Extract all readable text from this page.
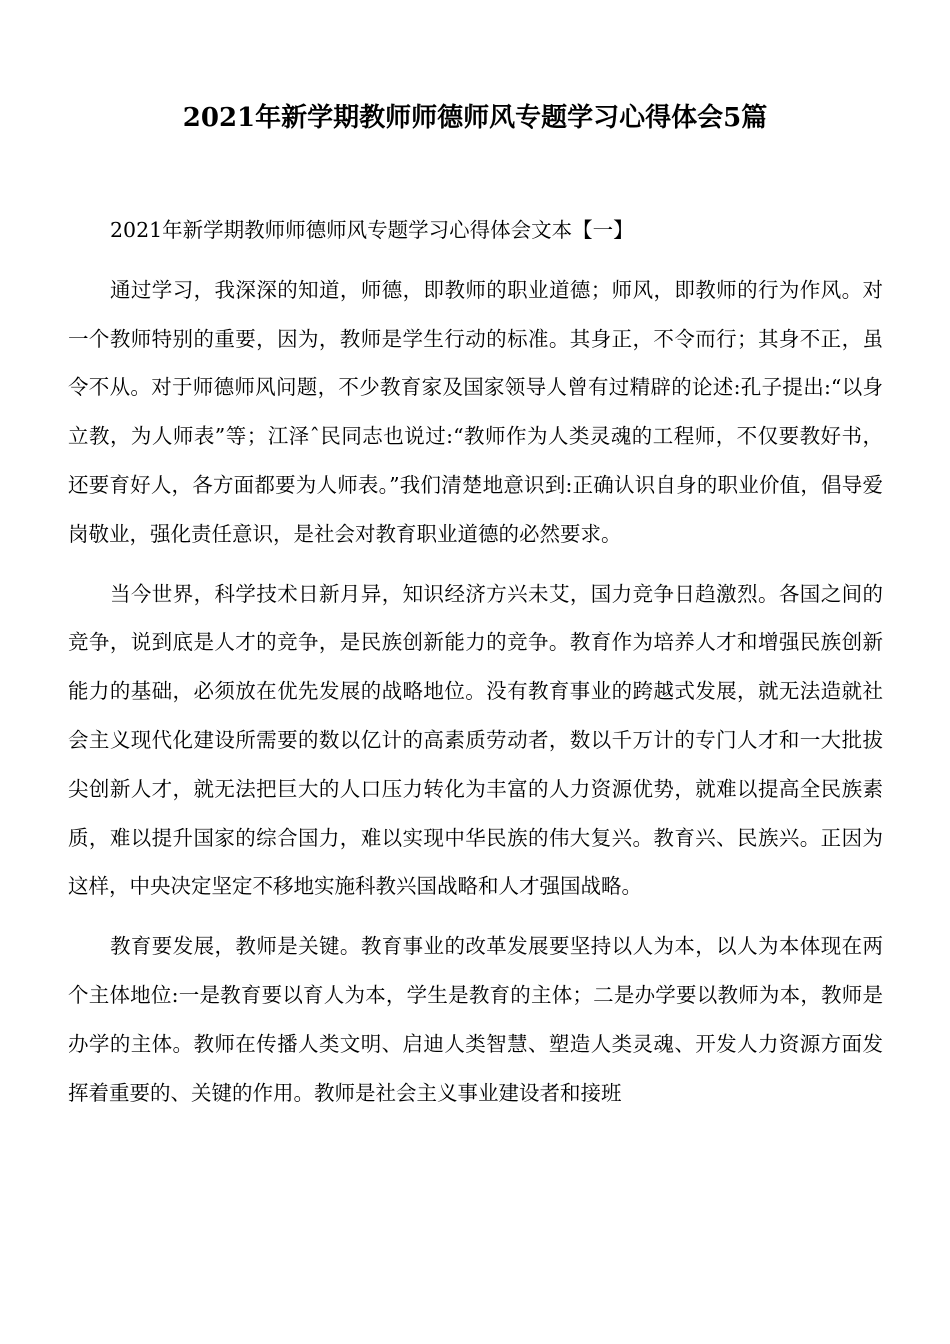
2021年新学期教师师德师风专题学习心得体会5篇

2021年新学期教师师德师风专题学习心得体会文本【一】

通过学习，我深深的知道，师德，即教师的职业道德；师风，即教师的行为作风。对一个教师特别的重要，因为，教师是学生行动的标准。其身正，不令而行；其身不正，虽令不从。对于师德师风问题，不少教育家及国家领导人曾有过精辟的论述:孔子提出:“以身立教，为人师表”等；江泽ˆ民同志也说过:“教师作为人类灵魂的工程师，不仅要教好书，还要育好人，各方面都要为人师表。”我们清楚地意识到:正确认识自身的职业价值，倡导爱岗敬业，强化责任意识，是社会对教育职业道德的必然要求。

当今世界，科学技术日新月异，知识经济方兴未艾，国力竞争日趋激烈。各国之间的竞争，说到底是人才的竞争，是民族创新能力的竞争。教育作为培养人才和增强民族创新能力的基础，必须放在优先发展的战略地位。没有教育事业的跨越式发展，就无法造就社会主义现代化建设所需要的数以亿计的高素质劳动者，数以千万计的专门人才和一大批拔尖创新人才，就无法把巨大的人口压力转化为丰富的人力资源优势，就难以提高全民族素质，难以提升国家的综合国力，难以实现中华民族的伟大复兴。教育兴、民族兴。正因为这样，中央决定坚定不移地实施科教兴国战略和人才强国战略。

教育要发展，教师是关键。教育事业的改革发展要坚持以人为本，以人为本体现在两个主体地位:一是教育要以育人为本，学生是教育的主体；二是办学要以教师为本，教师是办学的主体。教师在传播人类文明、启迪人类智慧、塑造人类灵魂、开发人力资源方面发挥着重要的、关键的作用。教师是社会主义事业建设者和接班
